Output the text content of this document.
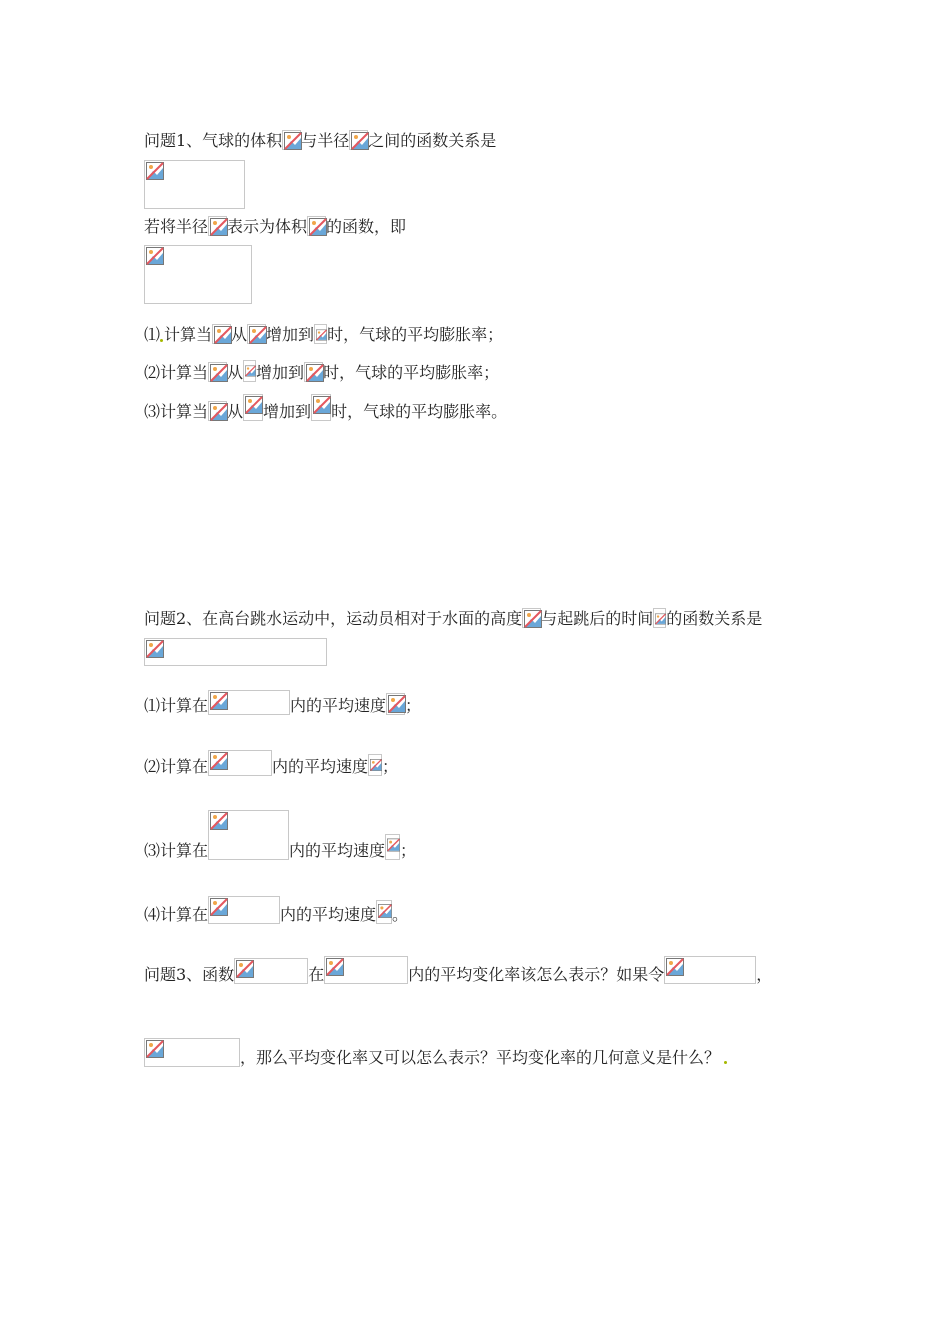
问题1、气球的体积 与半径 之间的函数关系是
若将半径 表示为体积 的函数，即
⑴ 计算当 从 增加到 时，气球的平均膨胀率；
⑵ 计算当 从 增加到 时，气球的平均膨胀率；
⑶ 计算当 从 增加到 时，气球的平均膨胀率。
问题2、在高台跳水运动中，运动员相对于水面的高度 与起跳后的时间 的函数关系是
⑴ 计算在	内的平均速度 ；
⑵ 计算在	内的平均速度 ；
⑶ 计算在	内的平均速度 ；
⑷ 计算在	内的平均速度 。
问题3、函数	在	内的平均变化率该怎么表示？如果令	，
，那么平均变化率又可以怎么表示？平均变化率的几何意义是什么？
